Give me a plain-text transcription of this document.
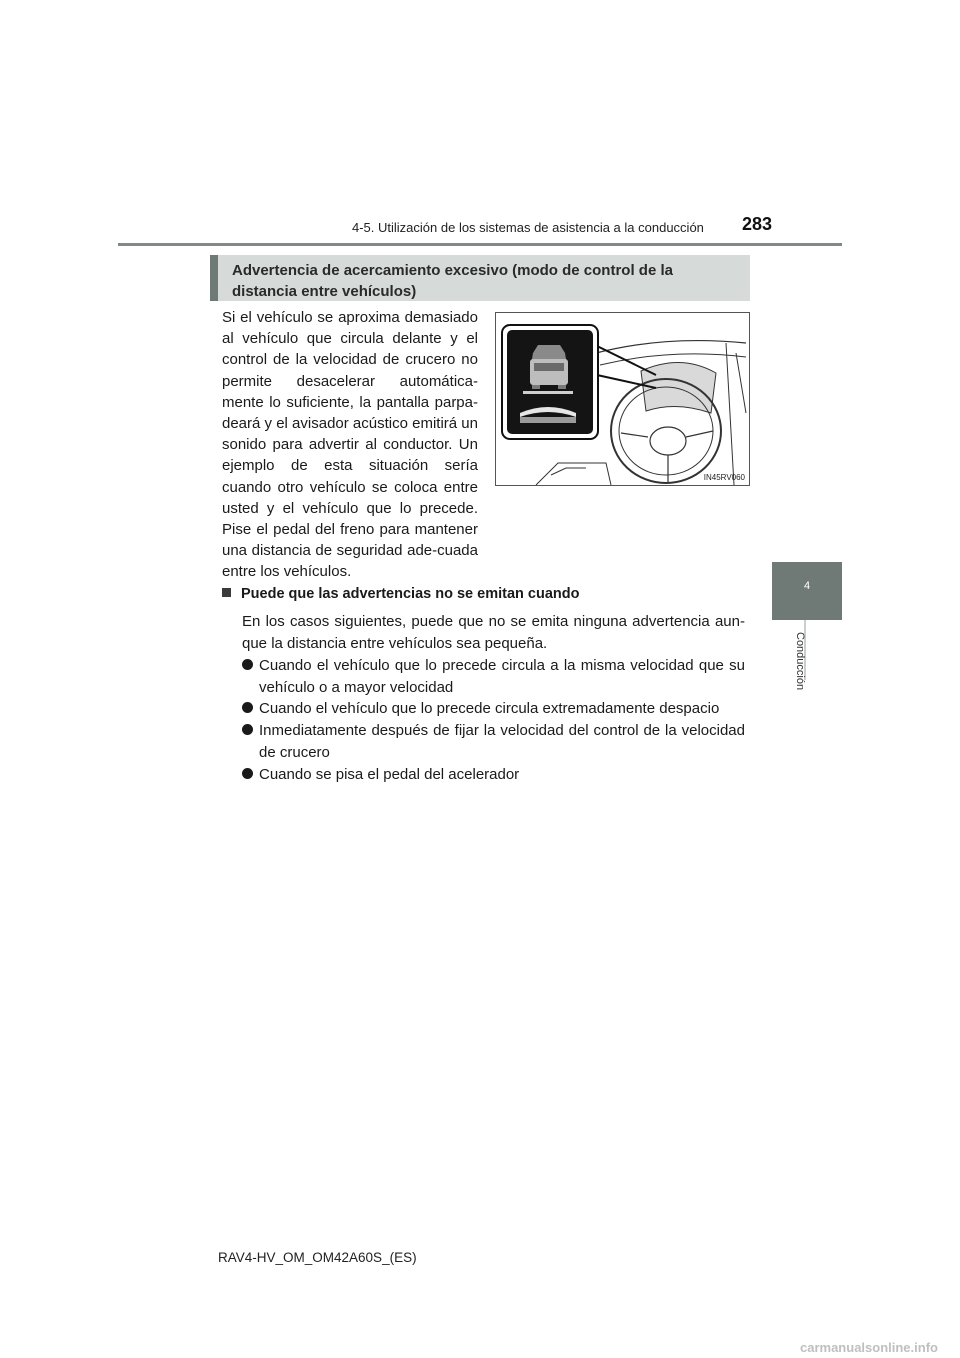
4-5. Utilización de los sistemas de asistencia a la conducción 283
4
Conducción
Advertencia de acercamiento excesivo (modo de control de la distancia entre vehículos)
Si el vehículo se aproxima demasiado al vehículo que circula delante y el control de la velocidad de crucero no permite desacelerar automática-mente lo suficiente, la pantalla parpa-deará y el avisador acústico emitirá un sonido para advertir al conductor. Un ejemplo de esta situación sería cuando otro vehículo se coloca entre usted y el vehículo que lo precede. Pise el pedal del freno para mantener una distancia de seguridad ade-cuada entre los vehículos.
IN45RV060
Puede que las advertencias no se emitan cuando
En los casos siguientes, puede que no se emita ninguna advertencia aun-que la distancia entre vehículos sea pequeña.
Cuando el vehículo que lo precede circula a la misma velocidad que su vehículo o a mayor velocidad
Cuando el vehículo que lo precede circula extremadamente despacio
Inmediatamente después de fijar la velocidad del control de la velocidad de crucero
Cuando se pisa el pedal del acelerador
RAV4-HV_OM_OM42A60S_(ES)
carmanualsonline.info
